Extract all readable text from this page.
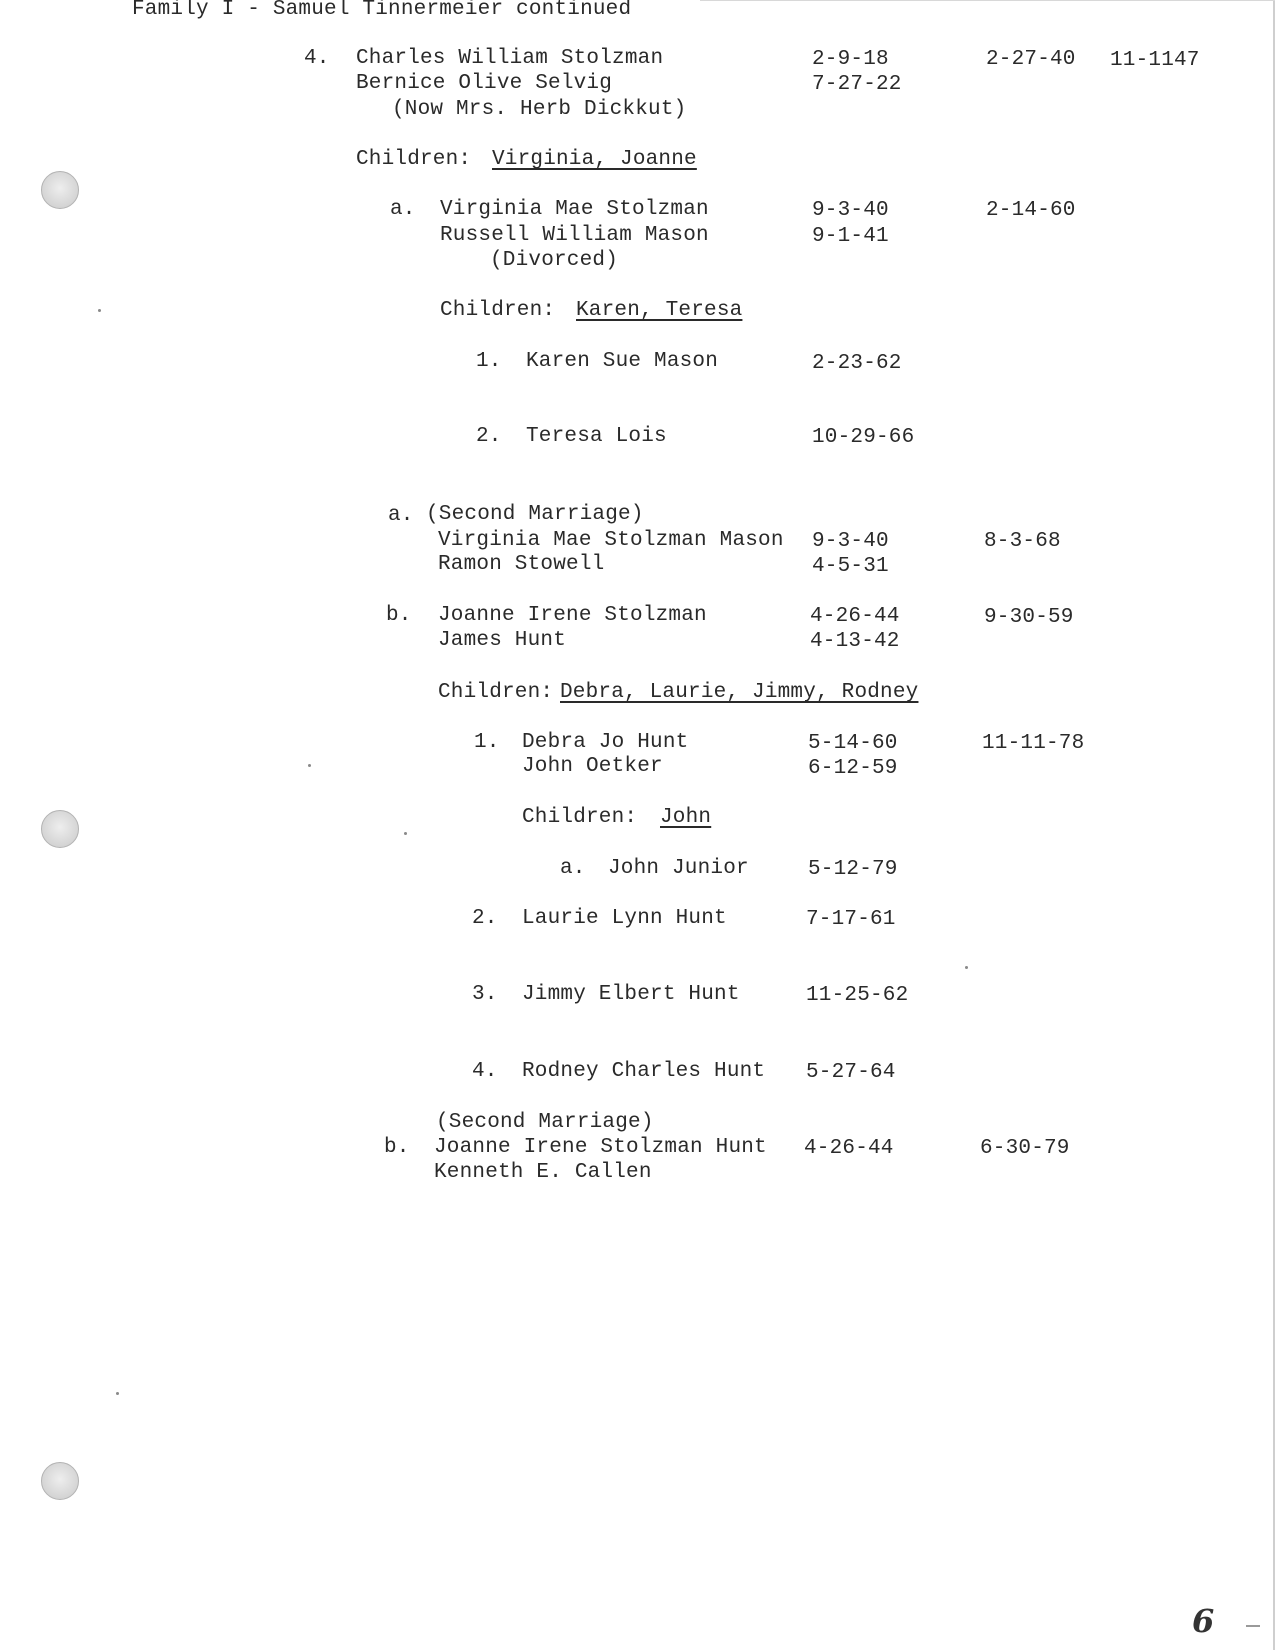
Family I - Samuel Tinnermeier continued
4. Charles William Stolzman	2-9-18	2-27-40 11-1147
Bernice Olive Selvig	7-27-22
(Now Mrs. Herb Dickkut)
Children: Virginia, Joanne
a. Virginia Mae Stolzman	9-3-40	2-14-60
Russell William Mason	9-1-41
(Divorced)
Children: Karen, Teresa
1. Karen Sue Mason	2-23-62
2. Teresa Lois	10-29-66
a. (Second Marriage)
Virginia Mae Stolzman Mason 9-3-40	8-3-68
Ramon Stowell	4-5-31
b. Joanne Irene Stolzman	4-26-44	9-30-59
James Hunt	4-13-42
Children: Debra, Laurie, Jimmy, Rodney
1. Debra Jo Hunt	5-14-60	11-11-78
John Oetker	6-12-59
Children: John
a. John Junior	5-12-79
2. Laurie Lynn Hunt	7-17-61
3. Jimmy Elbert Hunt	11-25-62
4. Rodney Charles Hunt 5-27-64
(Second Marriage)
b. Joanne Irene Stolzman Hunt 4-26-44	6-30-79
Kenneth E. Callen
6
